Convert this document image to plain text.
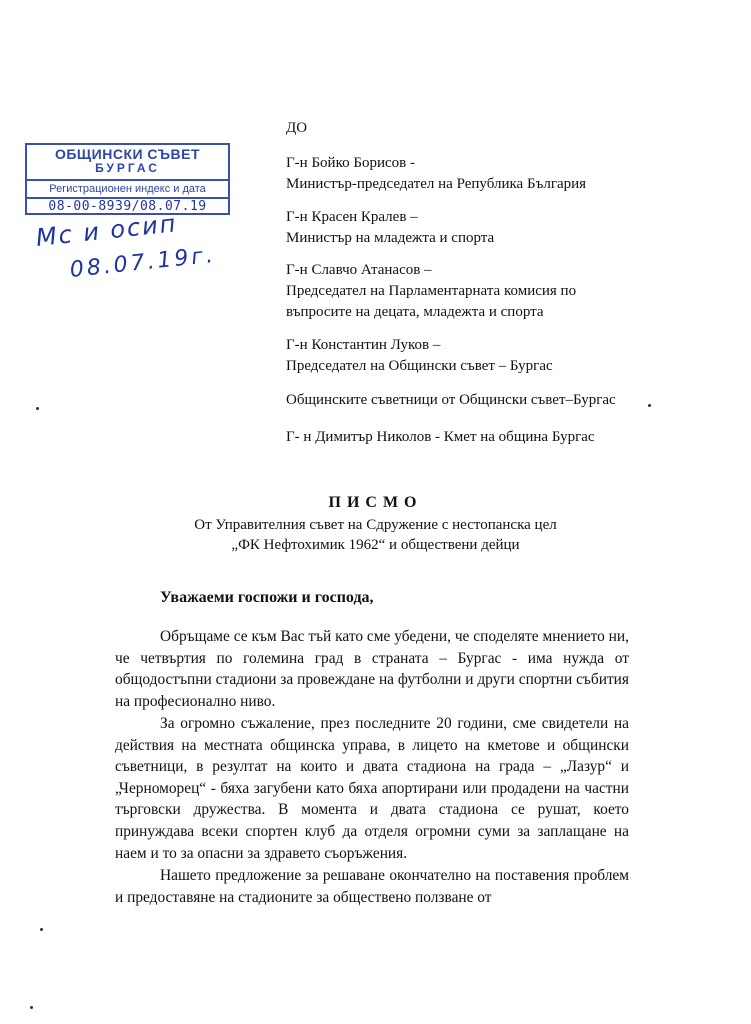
ОБЩИНСКИ СЪВЕТ
БУРГАС
Регистрационен индекс и дата
08-00-8939/08.07.19
Мс и осип
08.07.19г.
ДО
Г-н Бойко Борисов -
Министър-председател на Република България
Г-н Красен Кралев –
Министър на младежта и спорта
Г-н Славчо Атанасов –
Председател на Парламентарната комисия по
въпросите на децата, младежта и спорта
Г-н Константин Луков –
Председател на Общински съвет – Бургас
Общинските съветници от Общински съвет–Бургас
Г- н Димитър Николов - Кмет на община Бургас
ПИСМО
От Управителния съвет на Сдружение с нестопанска цел
„ФК Нефтохимик 1962“ и обществени дейци
Уважаеми госпожи и господа,
Обръщаме се към Вас тъй като сме убедени, че споделяте мнението ни, че четвъртия по големина град в страната – Бургас - има нужда от общодостъпни стадиони за провеждане на футболни и други спортни събития на професионално ниво.
За огромно съжаление, през последните 20 години, сме свидетели на действия на местната общинска управа, в лицето на кметове и общински съветници, в резултат на които и двата стадиона на града – „Лазур“ и „Черноморец“ - бяха загубени като бяха апортирани или продадени на частни търговски дружества. В момента и двата стадиона се рушат, което принуждава всеки спортен клуб да отделя огромни суми за заплащане на наем и то за опасни за здравето съоръжения.
Нашето предложение за решаване окончателно на поставения проблем и предоставяне на стадионите за обществено ползване от
